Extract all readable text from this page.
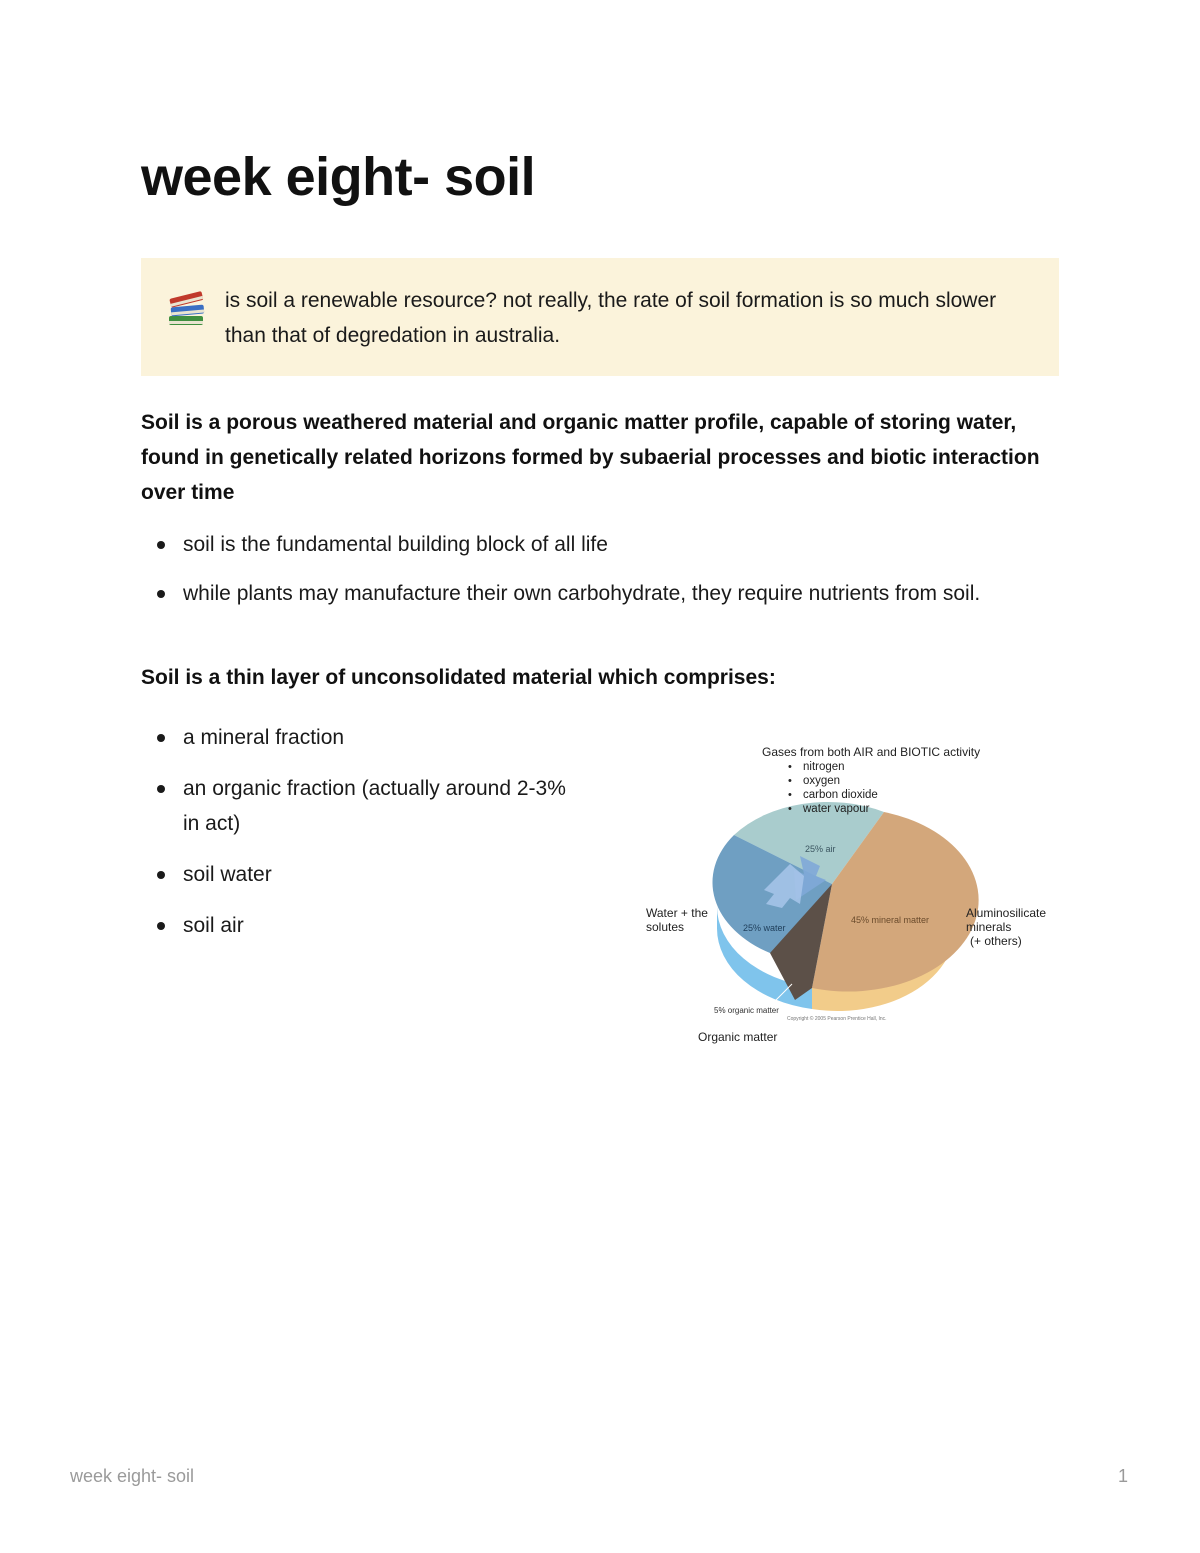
week eight- soil
is soil a renewable resource? not really, the rate of soil formation is so much slower than that of degredation in australia.

Soil is a porous weathered material and organic matter profile, capable of storing water, found in genetically related horizons formed by subaerial processes and biotic interaction over time

soil is the fundamental building block of all life
while plants may manufacture their own carbohydrate, they require nutrients from soil.

Soil is a thin layer of unconsolidated material which comprises:

a mineral fraction
an organic fraction (actually around 2-3% in act)
soil water
soil air
25% air
25% water
45% mineral matter
5% organic matter
Copyright © 2005 Pearson Prentice Hall, Inc.
Gases from both AIR and BIOTIC activity
• nitrogen
• oxygen
• carbon dioxide
• water vapour
Water + the
solutes
Aluminosilicate
minerals
(+ others)
Organic matter
week eight- soil	1
